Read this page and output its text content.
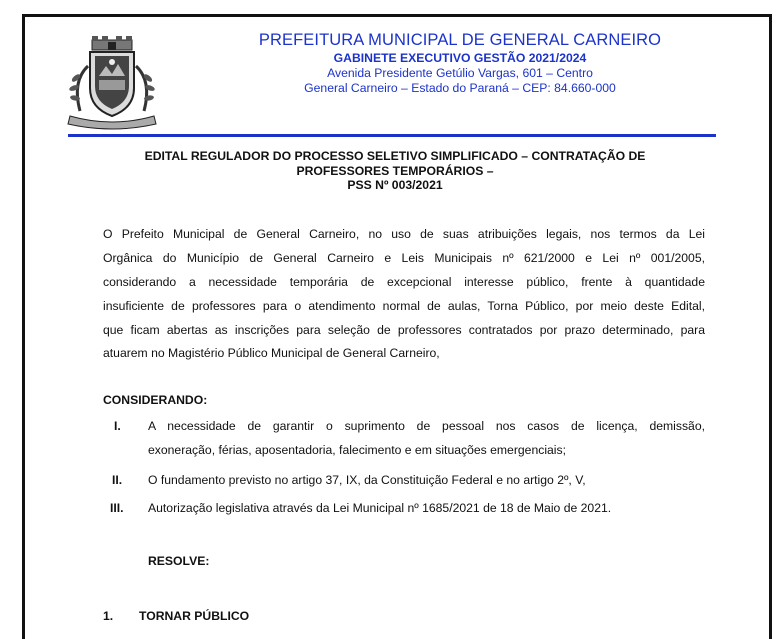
PREFEITURA MUNICIPAL DE GENERAL CARNEIRO
GABINETE EXECUTIVO GESTÃO 2021/2024
Avenida Presidente Getúlio Vargas, 601 – Centro
General Carneiro – Estado do Paraná – CEP: 84.660-000
EDITAL REGULADOR DO PROCESSO SELETIVO SIMPLIFICADO – CONTRATAÇÃO DE
PROFESSORES TEMPORÁRIOS –
PSS Nº 003/2021
O Prefeito Municipal de General Carneiro, no uso de suas atribuições legais, nos termos da Lei
Orgânica do Município de General Carneiro e Leis Municipais nº 621/2000 e Lei nº 001/2005,
considerando a necessidade temporária de excepcional interesse público, frente à quantidade
insuficiente de professores para o atendimento normal de aulas, Torna Público, por meio deste Edital,
que ficam abertas as inscrições para seleção de professores contratados por prazo determinado, para
atuarem no Magistério Público Municipal de General Carneiro,
CONSIDERANDO:
I.	A necessidade de garantir o suprimento de pessoal nos casos de licença, demissão,
exoneração, férias, aposentadoria, falecimento e em situações emergenciais;
II.	O fundamento previsto no artigo 37, IX, da Constituição Federal e no artigo 2º, V,
III.	Autorização legislativa através da Lei Municipal nº 1685/2021 de 18 de Maio de 2021.
RESOLVE:
1. TORNAR PÚBLICO
